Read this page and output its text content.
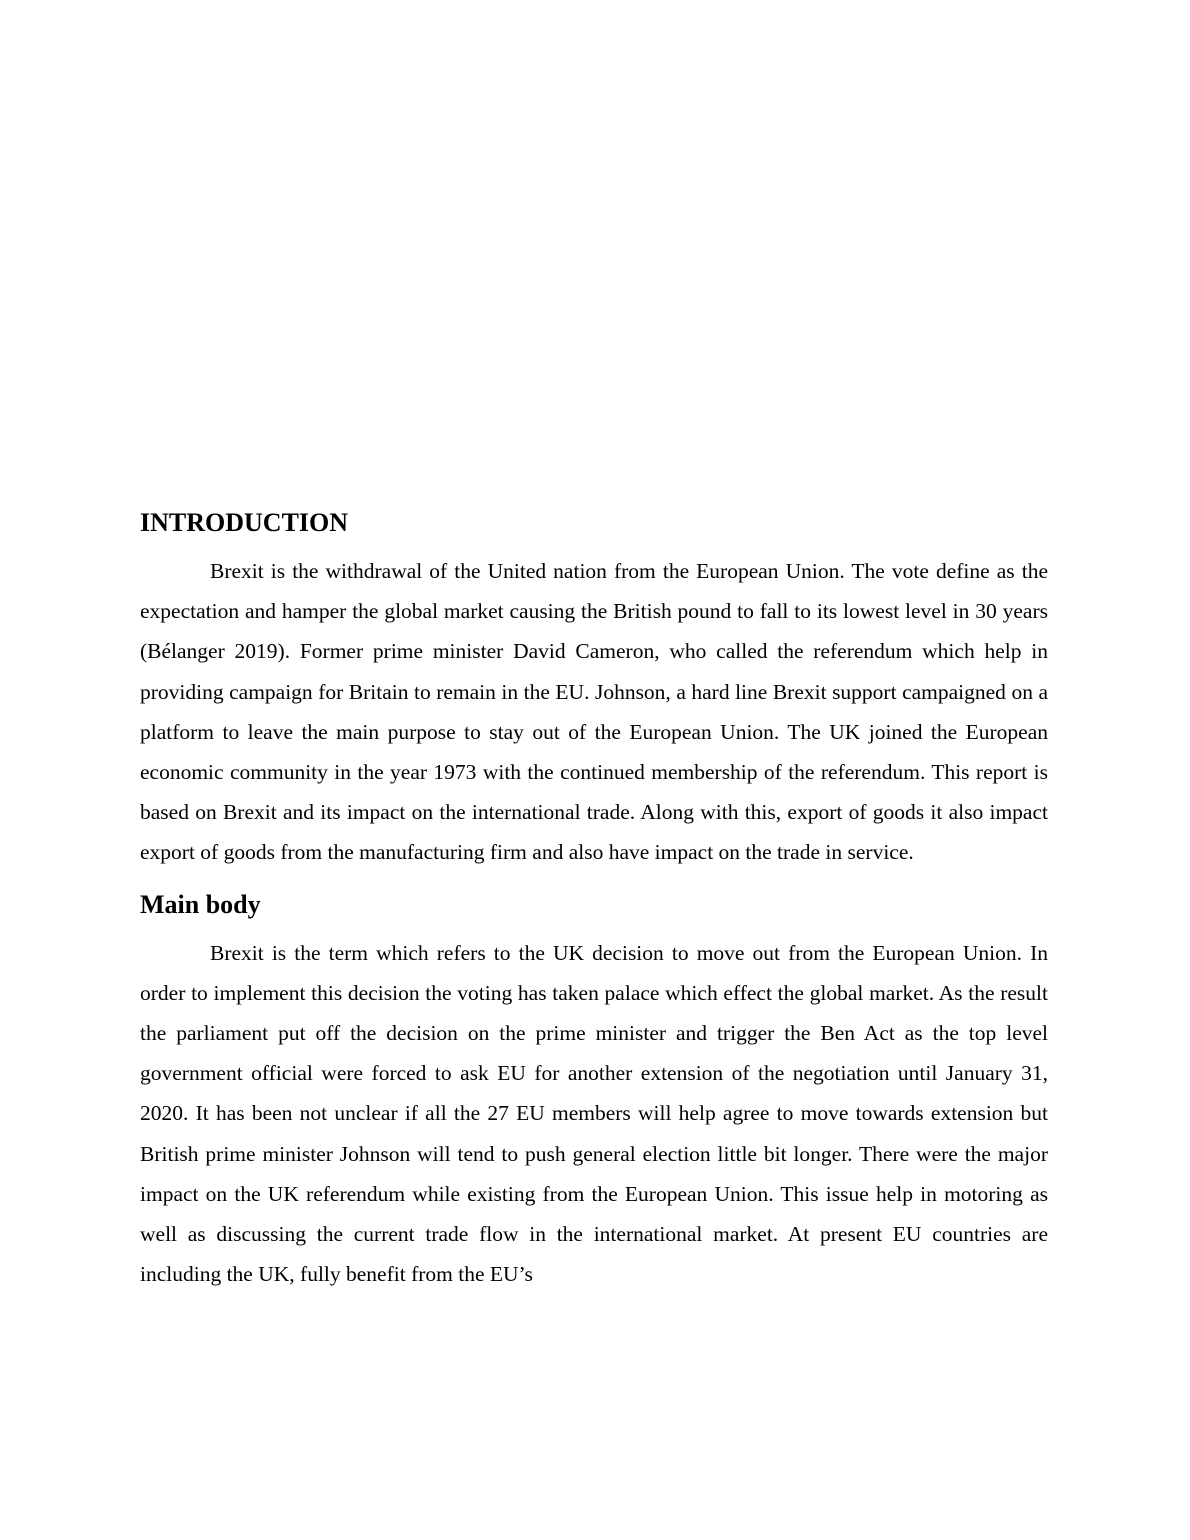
INTRODUCTION

Brexit is the withdrawal of the United nation from the European Union. The vote define as the expectation and hamper the global market causing the British pound to fall to its lowest level in 30 years (Bélanger 2019). Former prime minister David Cameron, who called the referendum which help in providing campaign for Britain to remain in the EU. Johnson, a hard line Brexit support campaigned on a platform to leave the main purpose to stay out of the European Union. The UK joined the European economic community in the year 1973 with the continued membership of the referendum. This report is based on Brexit and its impact on the international trade. Along with this, export of goods it also impact export of goods from the manufacturing firm and also have impact on the trade in service.

Main body

Brexit is the term which refers to the UK decision to move out from the European Union. In order to implement this decision the voting has taken palace which effect the global market. As the result the parliament put off the decision on the prime minister and trigger the Ben Act as the top level government official were forced to ask EU for another extension of the negotiation until January 31, 2020. It has been not unclear if all the 27 EU members will help agree to move towards extension but British prime minister Johnson will tend to push general election little bit longer. There were the major impact on the UK referendum while existing from the European Union. This issue help in motoring as well as discussing the current trade flow in the international market. At present EU countries are including the UK, fully benefit from the EU’s
